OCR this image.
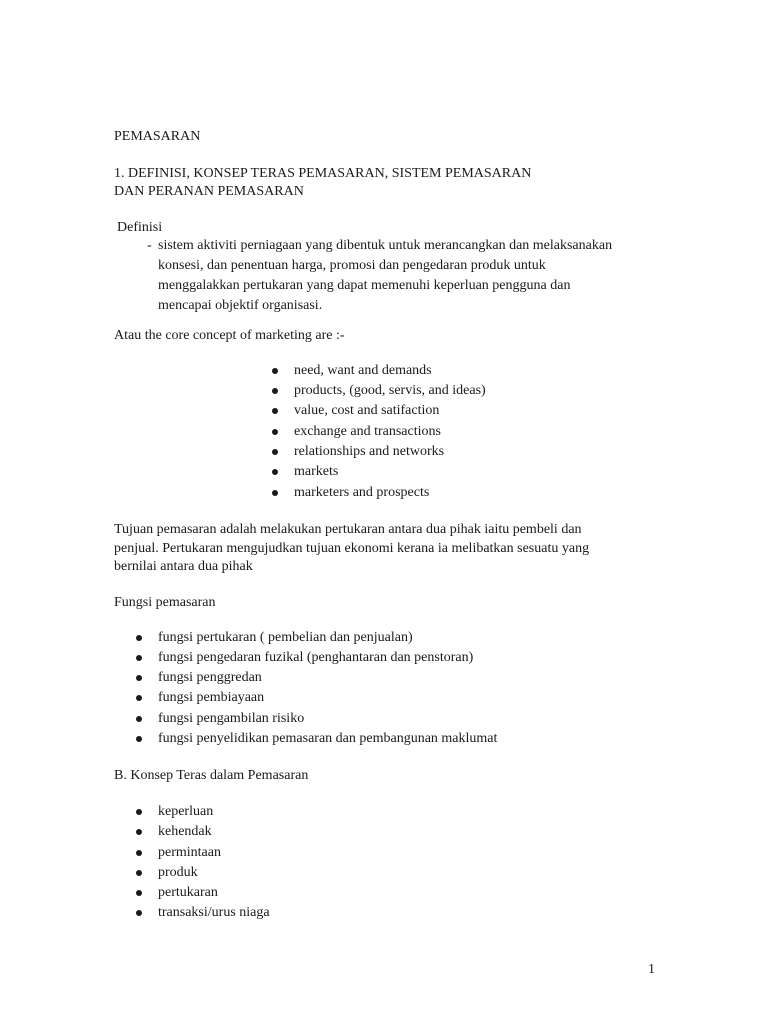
PEMASARAN
1. DEFINISI, KONSEP TERAS PEMASARAN, SISTEM PEMASARAN
DAN PERANAN PEMASARAN
Definisi
- sistem aktiviti perniagaan yang dibentuk untuk merancangkan dan melaksanakan
konsesi, dan penentuan harga, promosi dan pengedaran produk untuk
menggalakkan pertukaran yang dapat memenuhi keperluan pengguna dan
mencapai objektif organisasi.
Atau the core concept of marketing are :-
need, want and demands
products, (good, servis, and ideas)
value, cost and satifaction
exchange and transactions
relationships and networks
markets
marketers and prospects
Tujuan pemasaran adalah melakukan pertukaran antara dua pihak iaitu pembeli dan
penjual. Pertukaran mengujudkan tujuan ekonomi kerana ia melibatkan sesuatu yang
bernilai antara dua pihak
Fungsi pemasaran
fungsi pertukaran ( pembelian dan penjualan)
fungsi pengedaran fuzikal (penghantaran dan penstoran)
fungsi penggredan
fungsi pembiayaan
fungsi pengambilan risiko
fungsi penyelidikan pemasaran dan pembangunan maklumat
B. Konsep Teras dalam Pemasaran
keperluan
kehendak
permintaan
produk
pertukaran
transaksi/urus niaga
1
